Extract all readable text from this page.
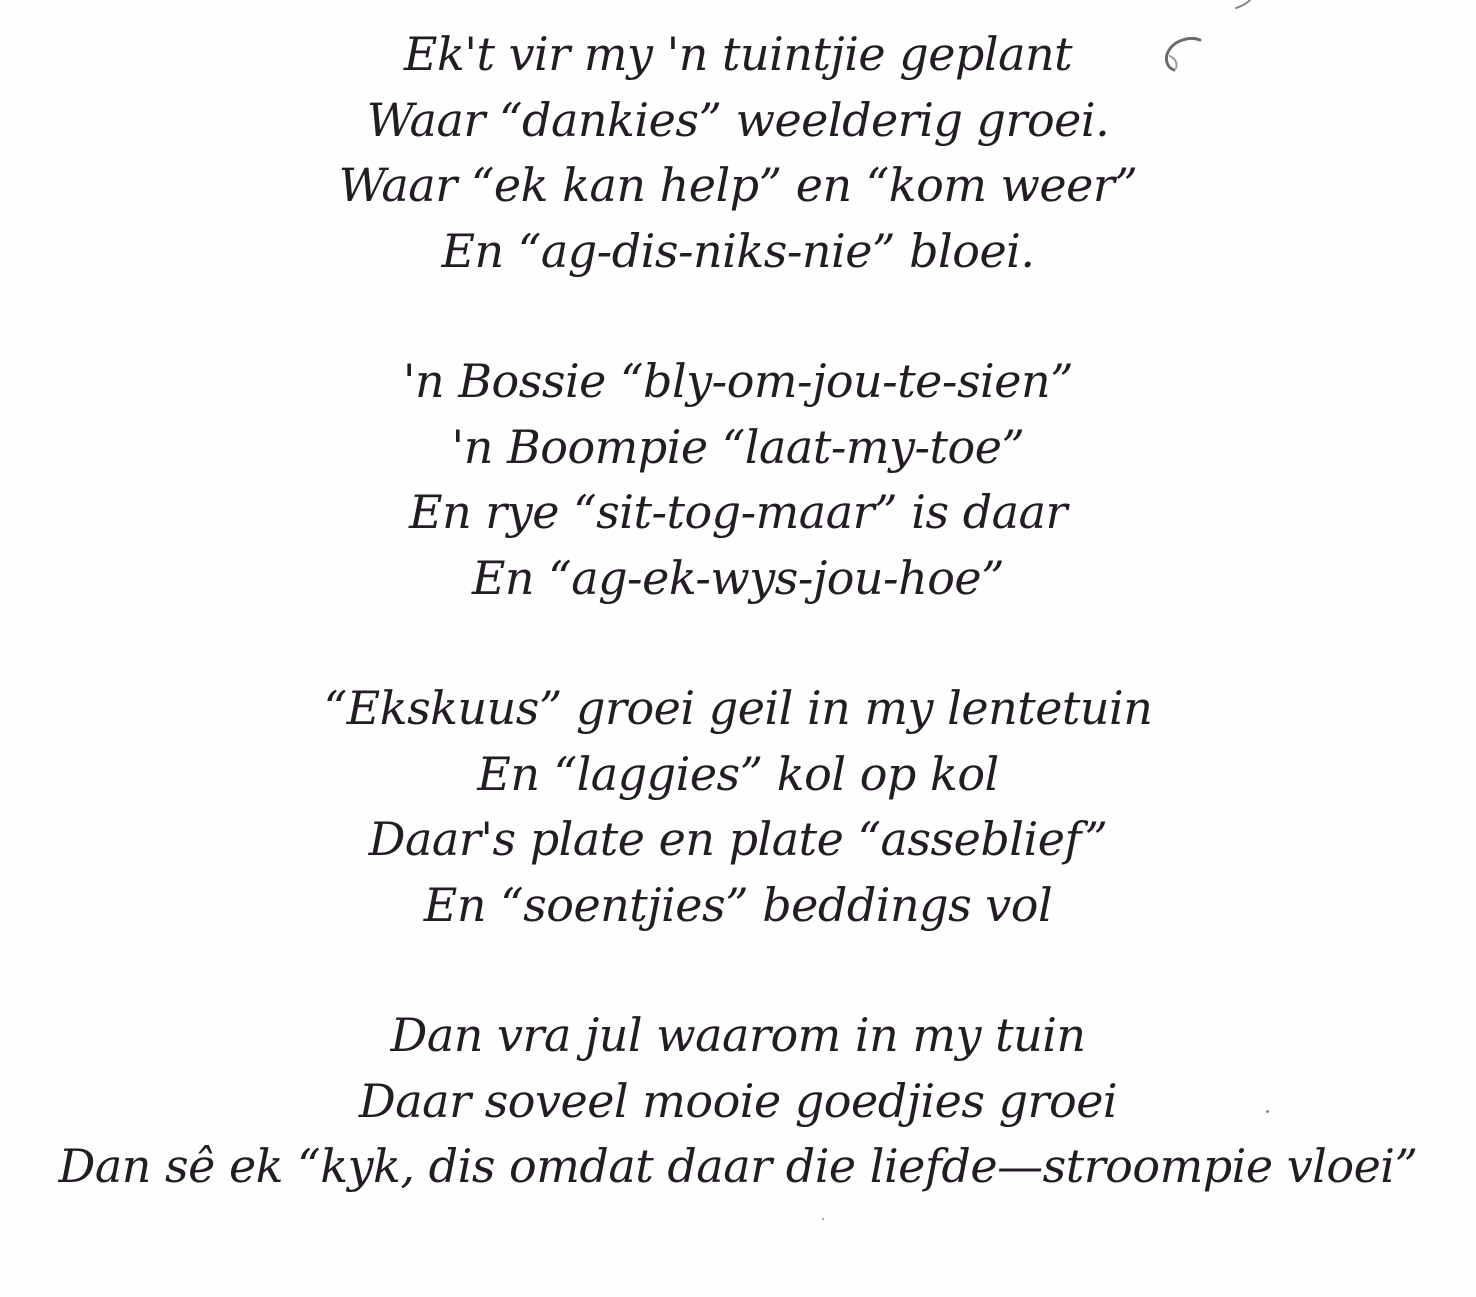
Ek't vir my 'n tuintjie geplant
Waar “dankies” weelderig groei.
Waar “ek kan help” en “kom weer”
En “ag-dis-niks-nie” bloei.

'n Bossie “bly-om-jou-te-sien”
'n Boompie “laat-my-toe”
En rye “sit-tog-maar” is daar
En “ag-ek-wys-jou-hoe”

“Ekskuus” groei geil in my lentetuin
En “laggies” kol op kol
Daar's plate en plate “asseblief”
En “soentjies” beddings vol

Dan vra jul waarom in my tuin
Daar soveel mooie goedjies groei
Dan sê ek “kyk, dis omdat daar die liefde—stroompie vloei”
